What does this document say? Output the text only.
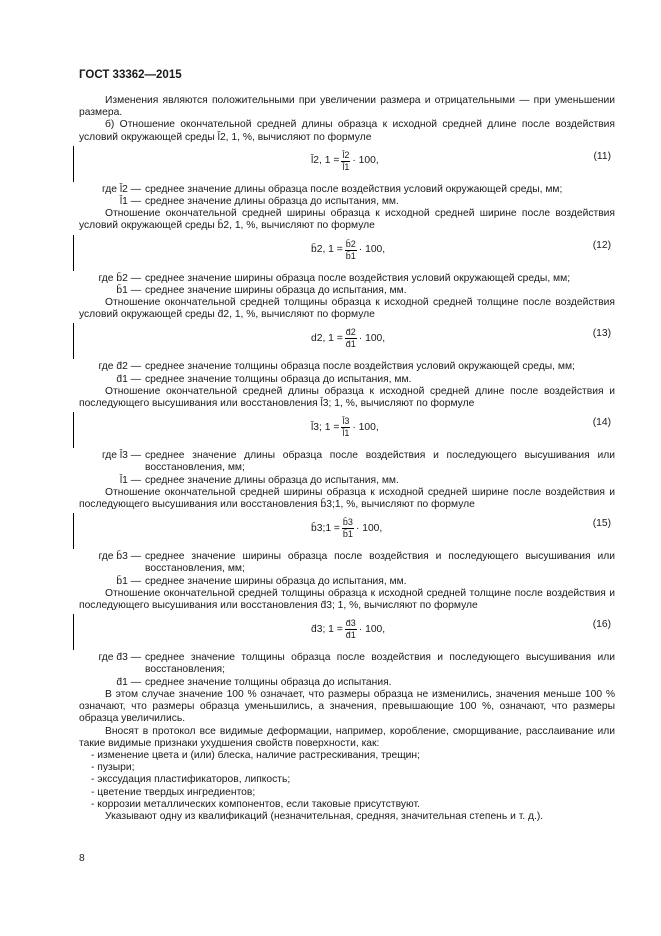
ГОСТ 33362—2015

Изменения являются положительными при увеличении размера и отрицательными — при уменьшении размера.

б) Отношение окончательной средней длины образца к исходной средней длине после воздействия условий окружающей среды l̄2, 1, %, вычисляют по формуле

l̄2, $1 = \frac{l̄2}{l̄1} \cdot 100$,	(11)

где l̄2 — среднее значение длины образца после воздействия условий окружающей среды, мм;

l̄1 — среднее значение длины образца до испытания, мм.

Отношение окончательной средней ширины образца к исходной средней ширине после воздействия условий окружающей среды b̄2, 1, %, вычисляют по формуле

b̄2, $1 = \frac{b̄2}{b̄1} \cdot 100$,	(12)

где b̄2 — среднее значение ширины образца после воздействия условий окружающей среды, мм;

b̄1 — среднее значение ширины образца до испытания, мм.

Отношение окончательной средней толщины образца к исходной средней толщине после воздействия условий окружающей среды d̄2, 1, %, вычисляют по формуле

d2, $1 = \frac{d̄2}{d̄1} \cdot 100$,	(13)

где d̄2 — среднее значение толщины образца после воздействия условий окружающей среды, мм;

d̄1 — среднее значение толщины образца до испытания, мм.

Отношение окончательной средней длины образца к исходной средней длине после воздействия и последующего высушивания или восстановления l̄3; 1, %, вычисляют по формуле

l̄3; $1 = \frac{l̄3}{l̄1} \cdot 100$,	(14)

где l̄3 — среднее значение длины образца после воздействия и последующего высушивания или восстановления, мм;

l̄1 — среднее значение длины образца до испытания, мм.

Отношение окончательной средней ширины образца к исходной средней ширине после воздействия и последующего высушивания или восстановления b̄3;1, %, вычисляют по формуле

b̄3;1 = $\frac{b̄3}{b̄1} \cdot 100$,	(15)

где b̄3 — среднее значение ширины образца после воздействия и последующего высушивания или восстановления, мм;

b̄1 — среднее значение ширины образца до испытания, мм.

Отношение окончательной средней толщины образца к исходной средней толщине после воздействия и последующего высушивания или восстановления d̄3; 1, %, вычисляют по формуле

d̄3; $1 = \frac{d̄3}{d̄1} \cdot 100$,	(16)

где d̄3 — среднее значение толщины образца после воздействия и последующего высушивания или восстановления;

d̄1 — среднее значение толщины образца до испытания.

В этом случае значение 100 % означает, что размеры образца не изменились, значения меньше 100 % означают, что размеры образца уменьшились, а значения, превышающие 100 %, означают, что размеры образца увеличились.

Вносят в протокол все видимые деформации, например, коробление, сморщивание, расслаивание или такие видимые признаки ухудшения свойств поверхности, как:

- изменение цвета и (или) блеска, наличие растрескивания, трещин;

- пузыри;

- экссудация пластификаторов, липкость;

- цветение твердых ингредиентов;

- коррозии металлических компонентов, если таковые присутствуют.

Указывают одну из квалификаций (незначительная, средняя, значительная степень и т. д.).

8
